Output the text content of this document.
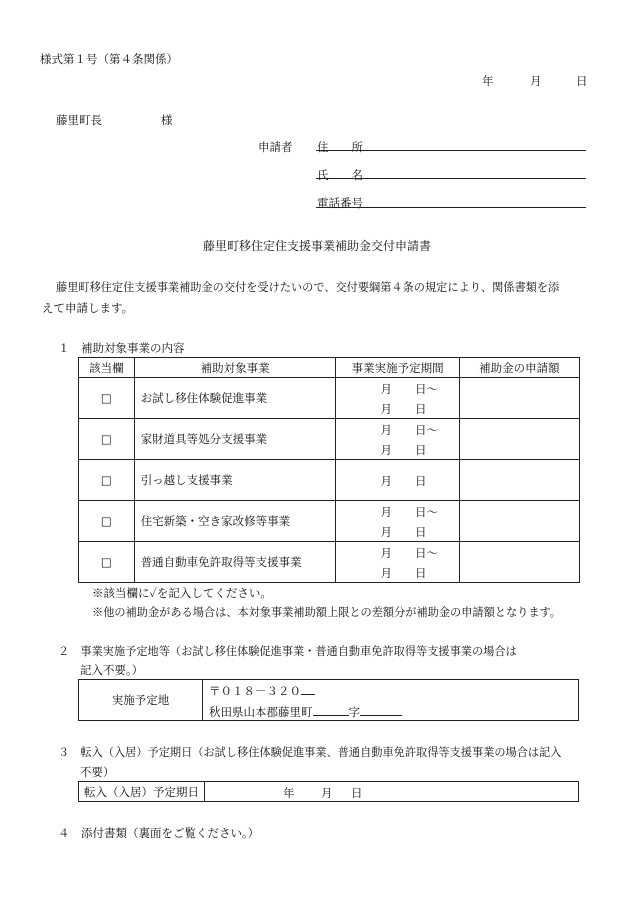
様式第１号（第４条関係）
年	月	日
藤里町長	様
申請者 住　　所
氏　　名
電話番号
藤里町移住定住支援事業補助金交付申請書
藤里町移住定住支援事業補助金の交付を受けたいので、交付要綱第４条の規定により、関係書類を添
えて申請します。
１　補助対象事業の内容
該当欄	補助対象事業	事業実施予定期間	補助金の申請額
□	お試し移住体験促進事業	月　　日〜
月　　日	

□	家財道具等処分支援事業	月　　日〜
月　　日	

□	引っ越し支援事業	月　　日	

□	住宅新築・空き家改修等事業	月　　日〜
月　　日	

□	普通自動車免許取得等支援事業	月　　日〜
月　　日	

※該当欄に✓を記入してください。
※他の補助金がある場合は、本対象事業補助額上限との差額分が補助金の申請額となります。
２　事業実施予定地等（お試し移住体験促進事業・普通自動車免許取得等支援事業の場合は
記入不要。）
実施予定地	
〒０１８－３２０
秋田県山本郡藤里町	字
３　転入（入居）予定期日（お試し移住体験促進事業、普通自動車免許取得等支援事業の場合は記入
不要）
転入（入居）予定期日	年 月 日
４　添付書類（裏面をご覧ください。）
